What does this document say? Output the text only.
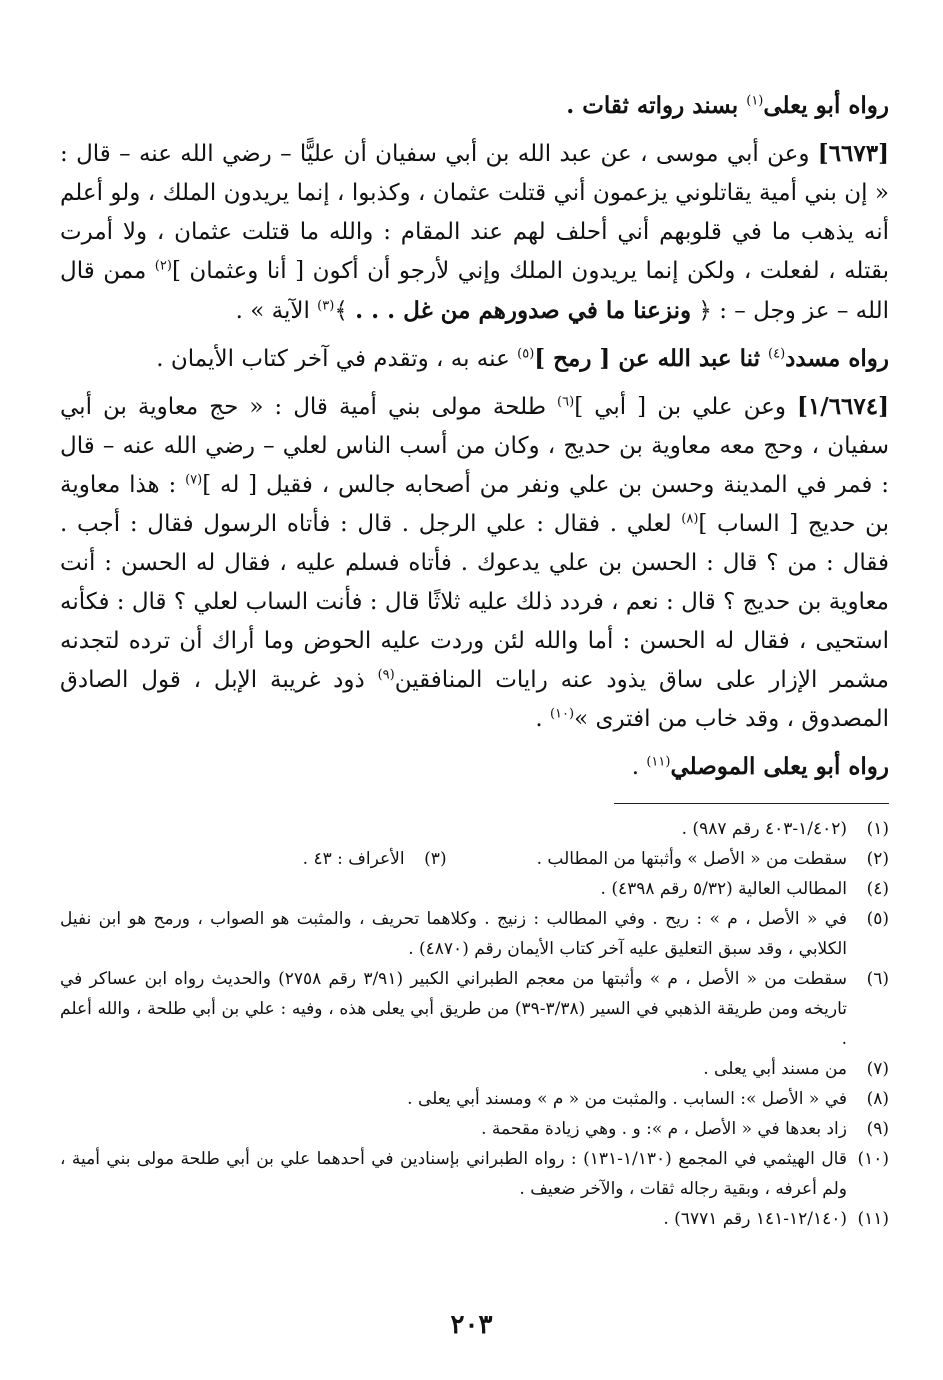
رواه أبو يعلى$^{(١)}$ بسند رواته ثقات .

[٦٦٧٣] وعن أبي موسى ، عن عبد الله بن أبي سفيان أن عليًّا – رضي الله عنه – قال : « إن بني أمية يقاتلوني يزعمون أني قتلت عثمان ، وكذبوا ، إنما يريدون الملك ، ولو أعلم أنه يذهب ما في قلوبهم أني أحلف لهم عند المقام : والله ما قتلت عثمان ، ولا أمرت بقتله ، لفعلت ، ولكن إنما يريدون الملك وإني لأرجو أن أكون [ أنا وعثمان ]$^{(٢)}$ ممن قال الله – عز وجل – : ﴿ ونزعنا ما في صدورهم من غل . . . ﴾$^{(٣)}$ الآية » .

رواه مسدد$^{(٤)}$ ثنا عبد الله عن [ رمح ]$^{(٥)}$ عنه به ، وتقدم في آخر كتاب الأيمان .

[١/٦٦٧٤] وعن علي بن [ أبي ]$^{(٦)}$ طلحة مولى بني أمية قال : « حج معاوية بن أبي سفيان ، وحج معه معاوية بن حديج ، وكان من أسب الناس لعلي – رضي الله عنه – قال : فمر في المدينة وحسن بن علي ونفر من أصحابه جالس ، فقيل [ له ]$^{(٧)}$ : هذا معاوية بن حديج [ الساب ]$^{(٨)}$ لعلي . فقال : علي الرجل . قال : فأتاه الرسول فقال : أجب . فقال : من ؟ قال : الحسن بن علي يدعوك . فأتاه فسلم عليه ، فقال له الحسن : أنت معاوية بن حديج ؟ قال : نعم ، فردد ذلك عليه ثلاثًا قال : فأنت الساب لعلي ؟ قال : فكأنه استحيى ، فقال له الحسن : أما والله لئن وردت عليه الحوض وما أراك أن ترده لتجدنه مشمر الإزار على ساق يذود عنه رايات المنافقين$^{(٩)}$ ذود غريبة الإبل ، قول الصادق المصدوق ، وقد خاب من افترى »$^{(١٠)}$ .

رواه أبو يعلى الموصلي$^{(١١)}$ .

(١)
(١/٤٠٢-٤٠٣ رقم ٩٨٧) .
(٢)
سقطت من « الأصل » وأثبتها من المطالب .
(٣)
الأعراف : ٤٣ .
(٤)
المطالب العالية (٥/٣٢ رقم ٤٣٩٨) .
(٥)
في « الأصل ، م » : ريح . وفي المطالب : زنيج . وكلاهما تحريف ، والمثبت هو الصواب ، ورمح هو ابن نفيل الكلابي ، وقد سبق التعليق عليه آخر كتاب الأيمان رقم (٤٨٧٠) .
(٦)
سقطت من « الأصل ، م » وأثبتها من معجم الطبراني الكبير (٣/٩١ رقم ٢٧٥٨) والحديث رواه ابن عساكر في تاريخه ومن طريقة الذهبي في السير (٣/٣٨-٣٩) من طريق أبي يعلى هذه ، وفيه : علي بن أبي طلحة ، والله أعلم .
(٧)
من مسند أبي يعلى .
(٨)
في « الأصل »: السابب . والمثبت من « م » ومسند أبي يعلى .
(٩)
زاد بعدها في « الأصل ، م »: و . وهي زيادة مقحمة .
(١٠)
قال الهيثمي في المجمع (١/١٣٠-١٣١) : رواه الطبراني بإسنادين في أحدهما علي بن أبي طلحة مولى بني أمية ، ولم أعرفه ، وبقية رجاله ثقات ، والآخر ضعيف .
(١١)
(١٢/١٤٠-١٤١ رقم ٦٧٧١) .
٢٠٣
